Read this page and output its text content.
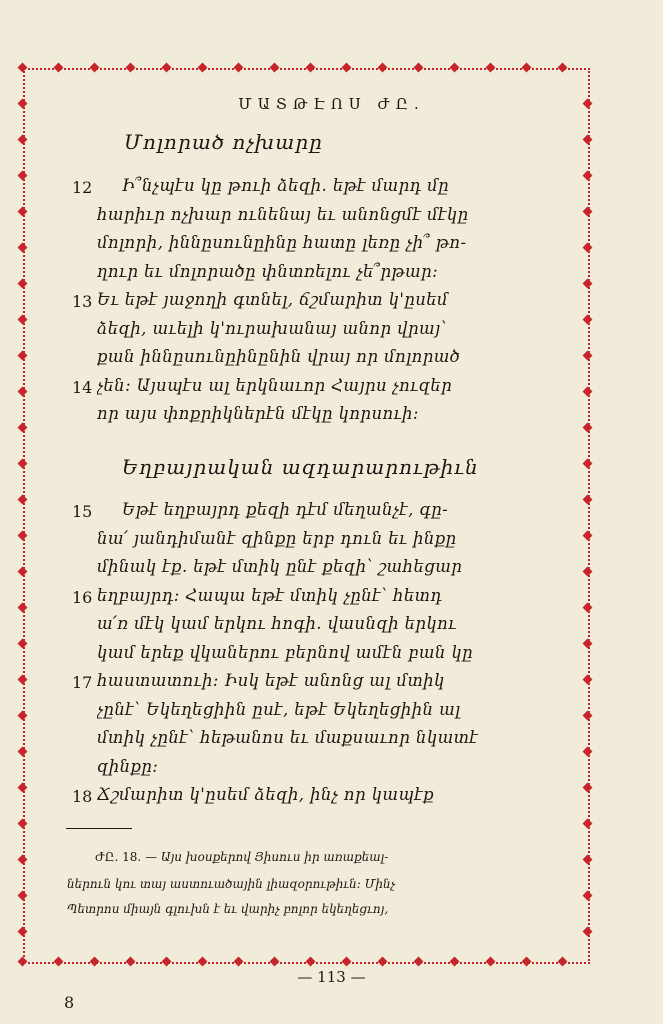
ՄԱՏԹԷՈՍ ԺԸ.
Մոլորած ոչխարը
12 Ի՞նչպէս կը թուի ձեզի. եթէ մարդ մը
հարիւր ոչխար ունենայ եւ անոնցմէ մէկը
մոլորի, իննըսունըինը հատը լեռը չի՞ թո-
ղուր եւ մոլորածը փնտռելու չե՞րթար:
13 Եւ եթէ յաջողի գտնել, ճշմարիտ կ'ըսեմ
ձեզի, աւելի կ'ուրախանայ անոր վրայ՝
քան իննըսունըինընին վրայ որ մոլորած
14 չեն: Այսպէս ալ երկնաւոր Հայրս չուզեր
որ այս փոքրիկներէն մէկը կորսուի:
Եղբայրական ազդարարութիւն
15 Եթէ եղբայրդ քեզի դէմ մեղանչէ, գը-
նա՛ յանդիմանէ զինքը երբ դուն եւ ինքը
մինակ էք. եթէ մտիկ ընէ քեզի՝ շահեցար
16 եղբայրդ: Հապա եթէ մտիկ չընէ՝ հետդ
ա՛ռ մէկ կամ երկու հոգի. վասնզի երկու
կամ երեք վկաներու բերնով ամէն բան կը
17 հաստատուի: Իսկ եթէ անոնց ալ մտիկ
չընէ՝ Եկեղեցիին ըսէ, եթէ Եկեղեցիին ալ
մտիկ չընէ՝ հեթանոս եւ մաքսաւոր նկատէ
զինքը:
18 Ճշմարիտ կ'ըսեմ ձեզի, ինչ որ կապէք
ԺԸ. 18. — Այս խօսքերով Յիսուս իր առաքեալ-
ներուն կու տայ աստուածային լիազօրութիւն: Մինչ
Պետրոս միայն գլուխն է եւ վարիչ բոլոր եկեղեցւոյ,
— 113 —
8
